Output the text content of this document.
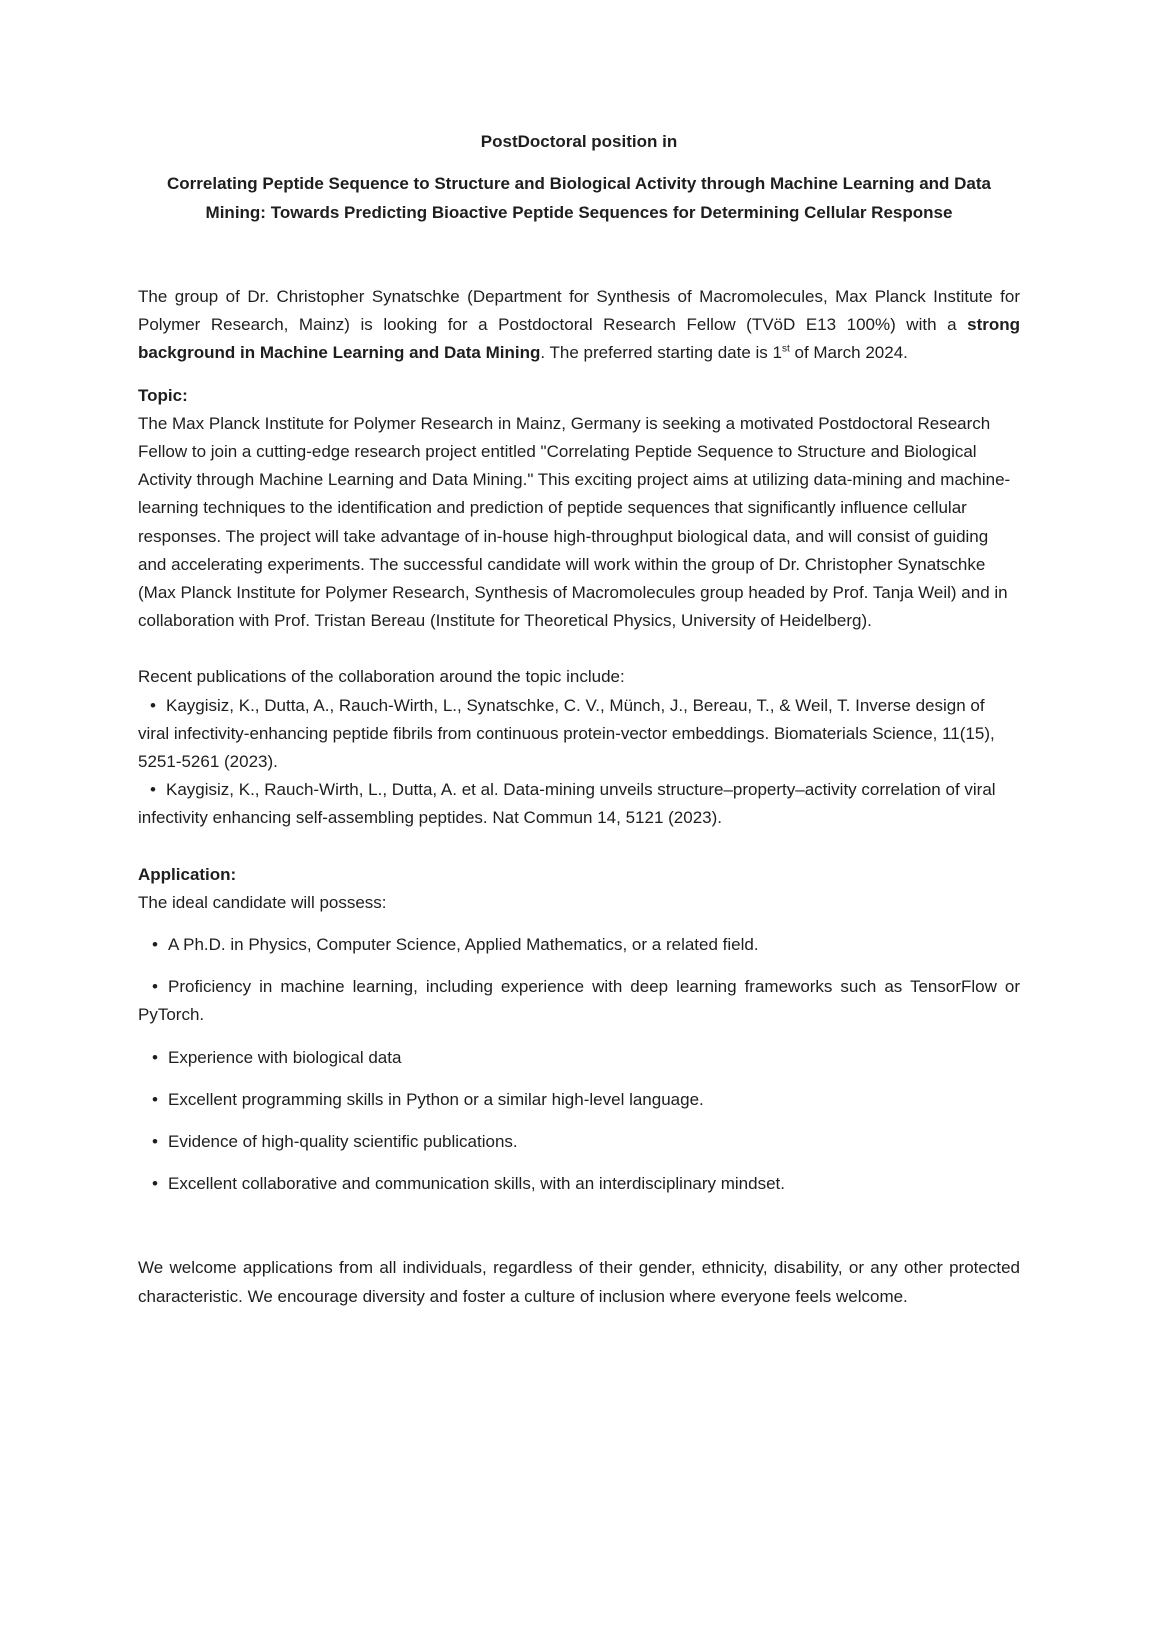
PostDoctoral position in

Correlating Peptide Sequence to Structure and Biological Activity through Machine Learning and Data Mining: Towards Predicting Bioactive Peptide Sequences for Determining Cellular Response

The group of Dr. Christopher Synatschke (Department for Synthesis of Macromolecules, Max Planck Institute for Polymer Research, Mainz) is looking for a Postdoctoral Research Fellow (TVöD E13 100%) with a strong background in Machine Learning and Data Mining. The preferred starting date is 1st of March 2024.

Topic:

The Max Planck Institute for Polymer Research in Mainz, Germany is seeking a motivated Postdoctoral Research Fellow to join a cutting-edge research project entitled "Correlating Peptide Sequence to Structure and Biological Activity through Machine Learning and Data Mining." This exciting project aims at utilizing data-mining and machine-learning techniques to the identification and prediction of peptide sequences that significantly influence cellular responses. The project will take advantage of in-house high-throughput biological data, and will consist of guiding and accelerating experiments. The successful candidate will work within the group of Dr. Christopher Synatschke (Max Planck Institute for Polymer Research, Synthesis of Macromolecules group headed by Prof. Tanja Weil) and in collaboration with Prof. Tristan Bereau (Institute for Theoretical Physics, University of Heidelberg).

Recent publications of the collaboration around the topic include:

• Kaygisiz, K., Dutta, A., Rauch-Wirth, L., Synatschke, C. V., Münch, J., Bereau, T., & Weil, T. Inverse design of viral infectivity-enhancing peptide fibrils from continuous protein-vector embeddings. Biomaterials Science, 11(15), 5251-5261 (2023).

• Kaygisiz, K., Rauch-Wirth, L., Dutta, A. et al. Data-mining unveils structure–property–activity correlation of viral infectivity enhancing self-assembling peptides. Nat Commun 14, 5121 (2023).

Application:

The ideal candidate will possess:

• A Ph.D. in Physics, Computer Science, Applied Mathematics, or a related field.
• Proficiency in machine learning, including experience with deep learning frameworks such as TensorFlow or PyTorch.
• Experience with biological data
• Excellent programming skills in Python or a similar high-level language.
• Evidence of high-quality scientific publications.
• Excellent collaborative and communication skills, with an interdisciplinary mindset.

We welcome applications from all individuals, regardless of their gender, ethnicity, disability, or any other protected characteristic. We encourage diversity and foster a culture of inclusion where everyone feels welcome.
